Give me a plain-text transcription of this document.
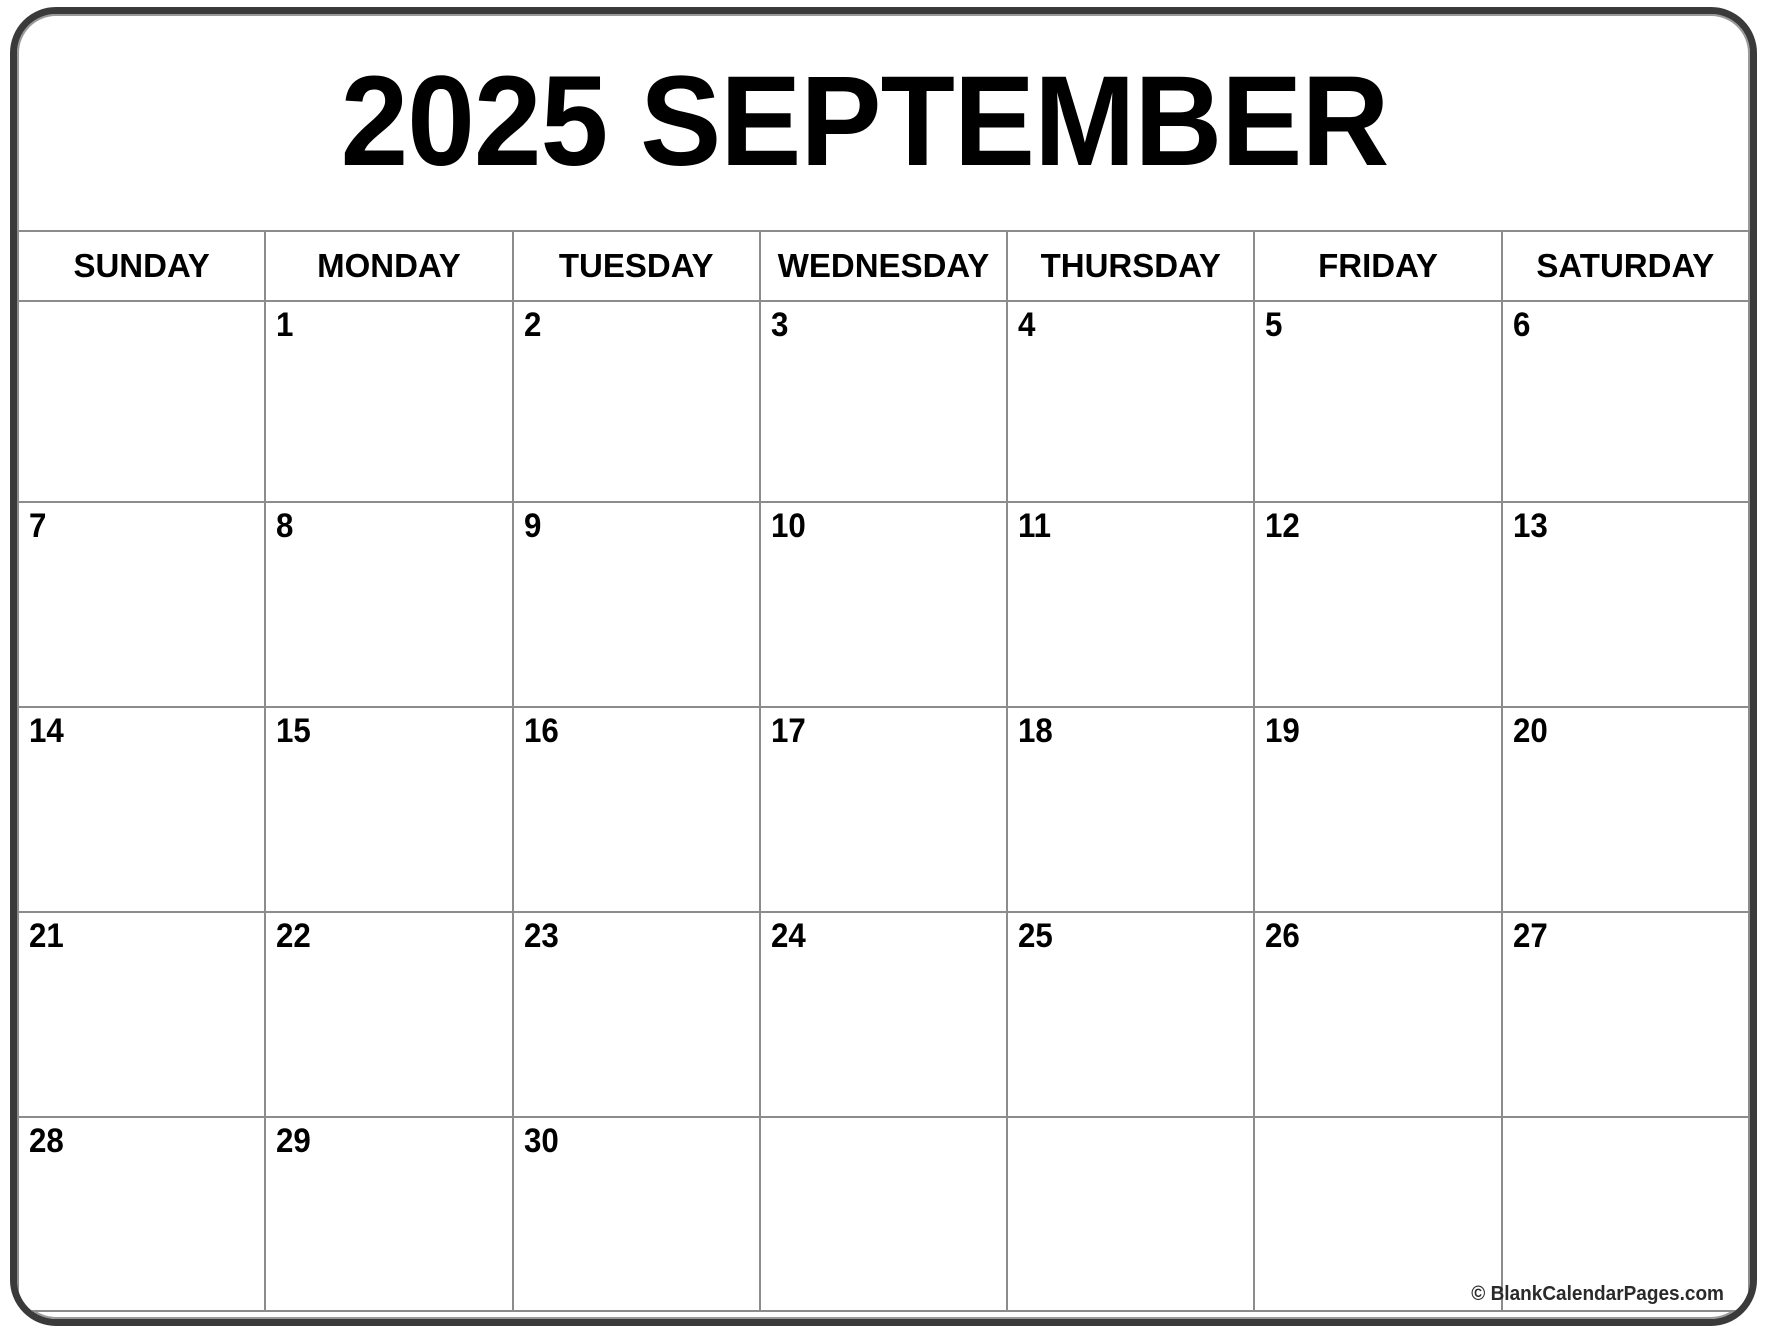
2025 SEPTEMBER
SUNDAY	MONDAY	TUESDAY	WEDNESDAY	THURSDAY	FRIDAY	SATURDAY
	1	2	3	4	5	6
7	8	9	10	11	12	13
14	15	16	17	18	19	20
21	22	23	24	25	26	27
28	29	30				© BlankCalendarPages.com
